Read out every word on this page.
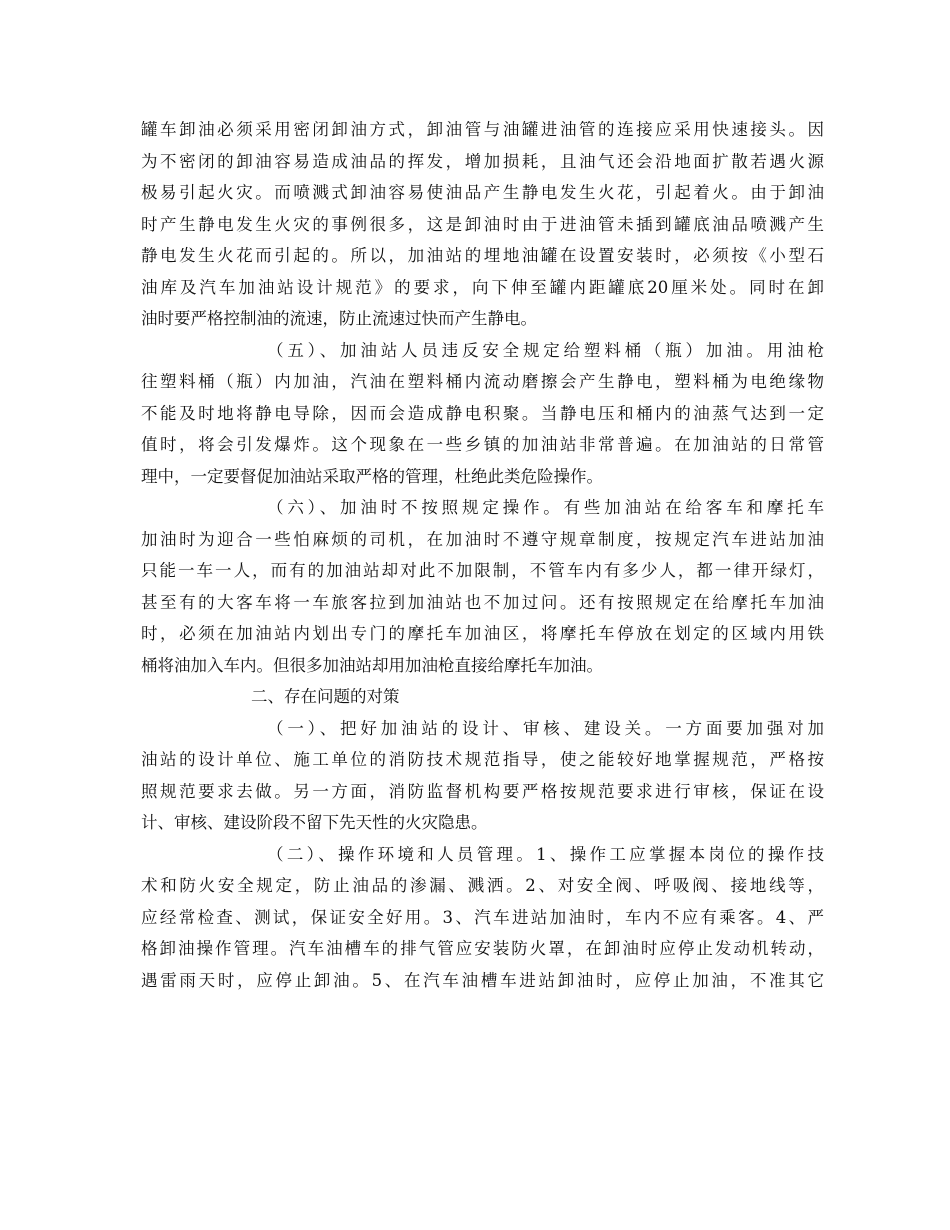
罐车卸油必须采用密闭卸油方式，卸油管与油罐进油管的连接应采用快速接头。因
为不密闭的卸油容易造成油品的挥发，增加损耗，且油气还会沿地面扩散若遇火源
极易引起火灾。而喷溅式卸油容易使油品产生静电发生火花，引起着火。由于卸油
时产生静电发生火灾的事例很多，这是卸油时由于进油管未插到罐底油品喷溅产生
静电发生火花而引起的。所以，加油站的埋地油罐在设置安装时，必须按《小型石
油库及汽车加油站设计规范》的要求，向下伸至罐内距罐底20厘米处。同时在卸
油时要严格控制油的流速，防止流速过快而产生静电。
（五）、加油站人员违反安全规定给塑料桶（瓶）加油。用油枪
往塑料桶（瓶）内加油，汽油在塑料桶内流动磨擦会产生静电，塑料桶为电绝缘物
不能及时地将静电导除，因而会造成静电积聚。当静电压和桶内的油蒸气达到一定
值时，将会引发爆炸。这个现象在一些乡镇的加油站非常普遍。在加油站的日常管
理中，一定要督促加油站采取严格的管理，杜绝此类危险操作。
（六）、加油时不按照规定操作。有些加油站在给客车和摩托车
加油时为迎合一些怕麻烦的司机，在加油时不遵守规章制度，按规定汽车进站加油
只能一车一人，而有的加油站却对此不加限制，不管车内有多少人，都一律开绿灯，
甚至有的大客车将一车旅客拉到加油站也不加过问。还有按照规定在给摩托车加油
时，必须在加油站内划出专门的摩托车加油区，将摩托车停放在划定的区域内用铁
桶将油加入车内。但很多加油站却用加油枪直接给摩托车加油。
二、存在问题的对策
（一）、把好加油站的设计、审核、建设关。一方面要加强对加
油站的设计单位、施工单位的消防技术规范指导，使之能较好地掌握规范，严格按
照规范要求去做。另一方面，消防监督机构要严格按规范要求进行审核，保证在设
计、审核、建设阶段不留下先天性的火灾隐患。
（二）、操作环境和人员管理。1、操作工应掌握本岗位的操作技
术和防火安全规定，防止油品的渗漏、溅洒。2、对安全阀、呼吸阀、接地线等，
应经常检查、测试，保证安全好用。3、汽车进站加油时，车内不应有乘客。4、严
格卸油操作管理。汽车油槽车的排气管应安装防火罩，在卸油时应停止发动机转动，
遇雷雨天时，应停止卸油。5、在汽车油槽车进站卸油时，应停止加油，不准其它
